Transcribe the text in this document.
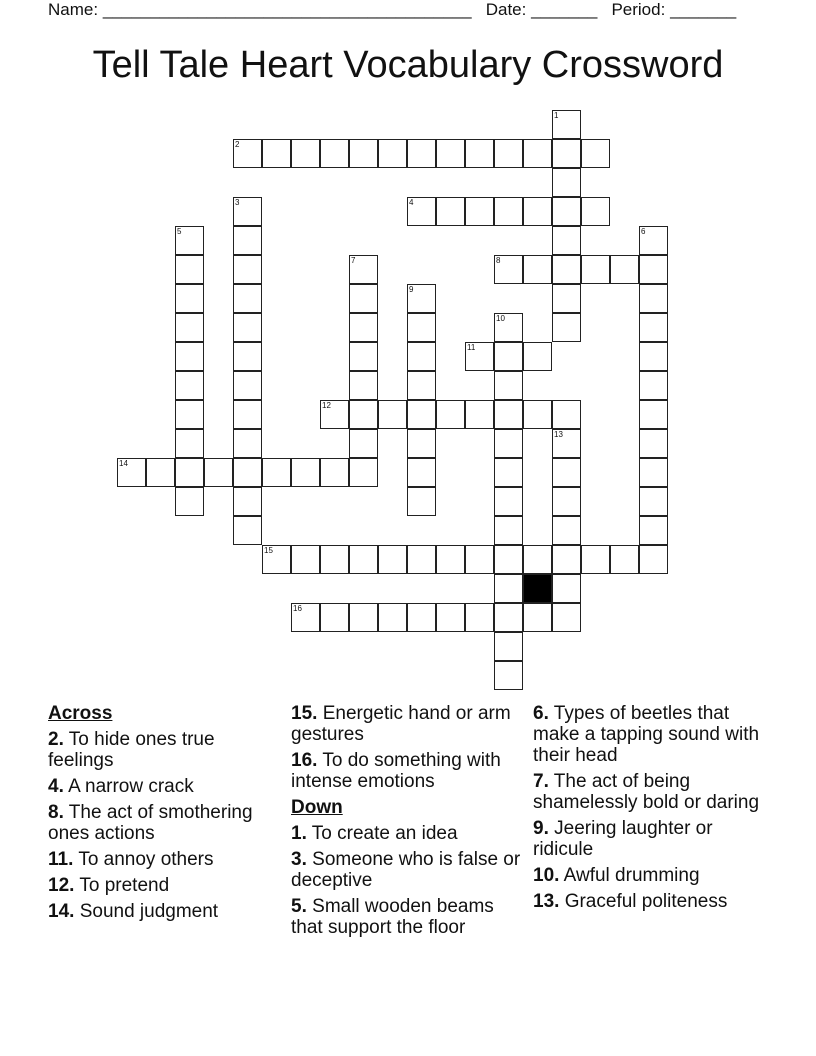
Name: _______________________________________ Date: _______ Period: _______
Tell Tale Heart Vocabulary Crossword
1
2
3	4
5	6
7	8
9
10
11
12
13
14
15
16
Across
2. To hide ones true feelings
4. A narrow crack
8. The act of smothering ones actions
11. To annoy others
12. To pretend
14. Sound judgment
15. Energetic hand or arm gestures
16. To do something with intense emotions
Down
1. To create an idea
3. Someone who is false or deceptive
5. Small wooden beams that support the floor
6. Types of beetles that make a tapping sound with their head
7. The act of being shamelessly bold or daring
9. Jeering laughter or ridicule
10. Awful drumming
13. Graceful politeness
